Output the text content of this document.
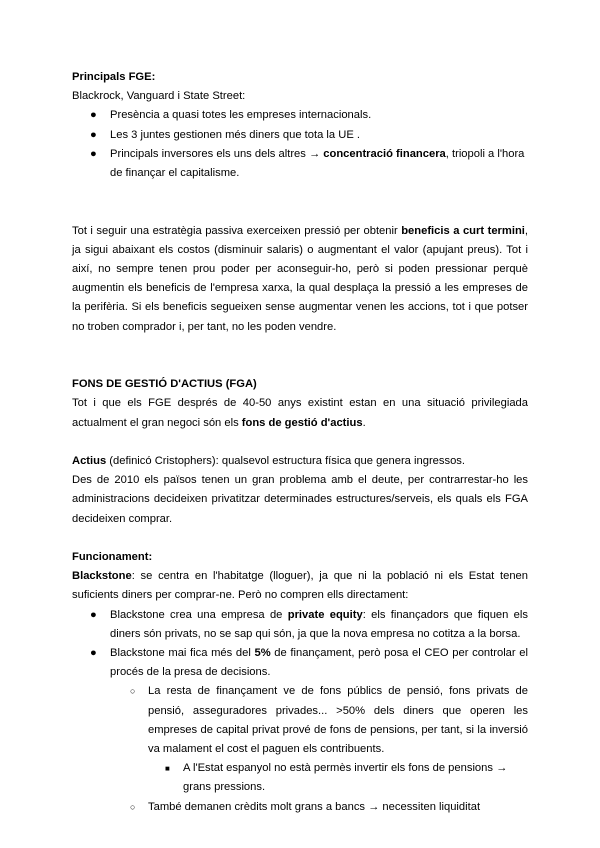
Principals FGE:

Blackrock, Vanguard i State Street:

● Presència a quasi totes les empreses internacionals.
● Les 3 juntes gestionen més diners que tota la UE .
● Principals inversores els uns dels altres → concentració financera, triopoli a l'hora de finançar el capitalisme.

Tot i seguir una estratègia passiva exerceixen pressió per obtenir beneficis a curt termini, ja sigui abaixant els costos (disminuir salaris) o augmentant el valor (apujant preus). Tot i així, no sempre tenen prou poder per aconseguir-ho, però si poden pressionar perquè augmentin els beneficis de l'empresa xarxa, la qual desplaça la pressió a les empreses de la perifèria. Si els beneficis segueixen sense augmentar venen les accions, tot i que potser no troben comprador i, per tant, no les poden vendre.

FONS DE GESTIÓ D'ACTIUS (FGA)

Tot i que els FGE després de 40-50 anys existint estan en una situació privilegiada actualment el gran negoci són els fons de gestió d'actius.

Actius (definicó Cristophers): qualsevol estructura física que genera ingressos.

Des de 2010 els països tenen un gran problema amb el deute, per contrarrestar-ho les administracions decideixen privatitzar determinades estructures/serveis, els quals els FGA decideixen comprar.

Funcionament:

Blackstone: se centra en l'habitatge (lloguer), ja que ni la població ni els Estat tenen suficients diners per comprar-ne. Però no compren ells directament:

● Blackstone crea una empresa de private equity: els finançadors que fiquen els diners són privats, no se sap qui són, ja que la nova empresa no cotitza a la borsa.
● Blackstone mai fica més del 5% de finançament, però posa el CEO per controlar el procés de la presa de decisions.
○ La resta de finançament ve de fons públics de pensió, fons privats de pensió, asseguradores privades... >50% dels diners que operen les empreses de capital privat prové de fons de pensions, per tant, si la inversió va malament el cost el paguen els contribuents.
■ A l'Estat espanyol no està permès invertir els fons de pensions → grans pressions.
○ També demanen crèdits molt grans a bancs → necessiten liquiditat
